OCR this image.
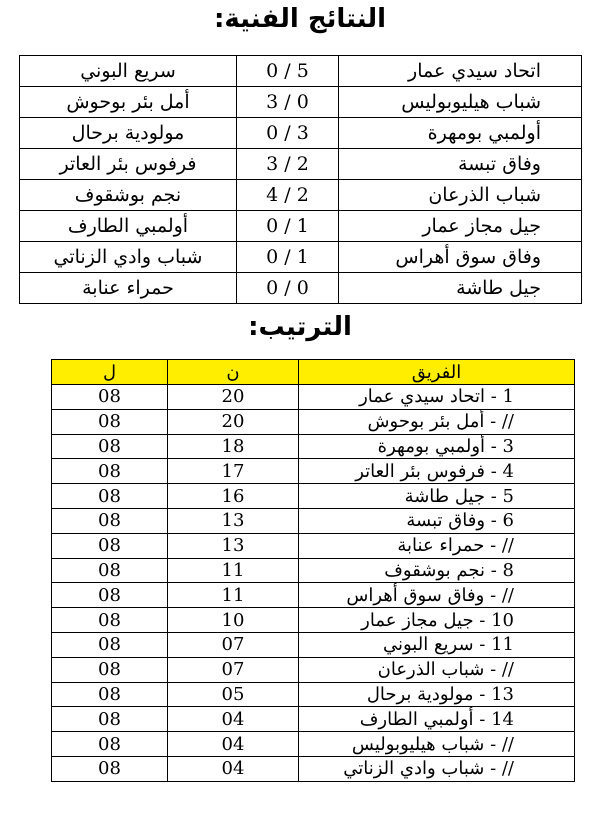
النتائج الفنية:
سريع البوني	0 / 5	اتحاد سيدي عمار
أمل بئر بوحوش	3 / 0	شباب هيليوبوليس
مولودية برحال	0 / 3	أولمبي بومهرة
فرفوس بئر العاتر	3 / 2	وفاق تبسة
نجم بوشقوف	4 / 2	شباب الذرعان
أولمبي الطارف	0 / 1	جيل مجاز عمار
شباب وادي الزناتي	0 / 1	وفاق سوق أهراس
حمراء عنابة	0 / 0	جيل طاشة
الترتيب:
ل	ن	الفريق
08	20	1 - اتحاد سيدي عمار
08	20	// - أمل بئر بوحوش
08	18	3 - أولمبي بومهرة
08	17	4 - فرفوس بئر العاتر
08	16	5 - جيل طاشة
08	13	6 - وفاق تبسة
08	13	// - حمراء عنابة
08	11	8 - نجم بوشقوف
08	11	// - وفاق سوق أهراس
08	10	10 - جيل مجاز عمار
08	07	11 - سريع البوني
08	07	// - شباب الذرعان
08	05	13 - مولودية برحال
08	04	14 - أولمبي الطارف
08	04	// - شباب هيليوبوليس
08	04	// - شباب وادي الزناتي
